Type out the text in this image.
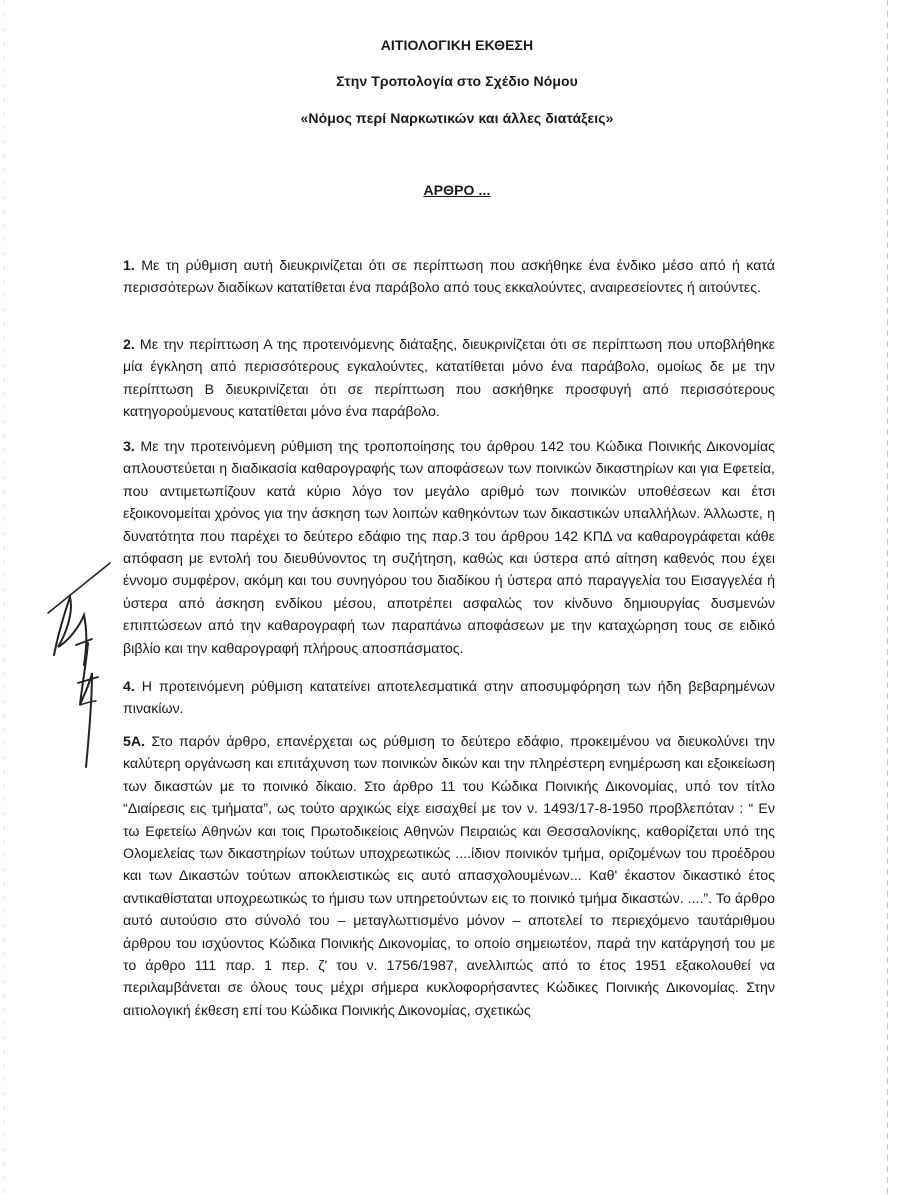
ΑΙΤΙΟΛΟΓΙΚΗ ΕΚΘΕΣΗ
Στην Τροπολογία στο Σχέδιο Νόμου
«Νόμος περί Ναρκωτικών και άλλες διατάξεις»
ΑΡΘΡΟ ...

1. Με τη ρύθμιση αυτή διευκρινίζεται ότι σε περίπτωση που ασκήθηκε ένα ένδικο μέσο από ή κατά περισσότερων διαδίκων κατατίθεται ένα παράβολο από τους εκκαλούντες, αναιρεσείοντες ή αιτούντες.

2. Με την περίπτωση Α της προτεινόμενης διάταξης, διευκρινίζεται ότι σε περίπτωση που υποβλήθηκε μία έγκληση από περισσότερους εγκαλούντες, κατατίθεται μόνο ένα παράβολο, ομοίως δε με την περίπτωση Β διευκρινίζεται ότι σε περίπτωση που ασκήθηκε προσφυγή από περισσότερους κατηγορούμενους κατατίθεται μόνο ένα παράβολο.

3. Με την προτεινόμενη ρύθμιση της τροποποίησης του άρθρου 142 του Κώδικα Ποινικής Δικονομίας απλουστεύεται η διαδικασία καθαρογραφής των αποφάσεων των ποινικών δικαστηρίων και για Εφετεία, που αντιμετωπίζουν κατά κύριο λόγο τον μεγάλο αριθμό των ποινικών υποθέσεων και έτσι εξοικονομείται χρόνος για την άσκηση των λοιπών καθηκόντων των δικαστικών υπαλλήλων. Άλλωστε, η δυνατότητα που παρέχει το δεύτερο εδάφιο της παρ.3 του άρθρου 142 ΚΠΔ να καθαρογράφεται κάθε απόφαση με εντολή του διευθύνοντος τη συζήτηση, καθώς και ύστερα από αίτηση καθενός που έχει έννομο συμφέρον, ακόμη και του συνηγόρου του διαδίκου ή ύστερα από παραγγελία του Εισαγγελέα ή ύστερα από άσκηση ενδίκου μέσου, αποτρέπει ασφαλώς τον κίνδυνο δημιουργίας δυσμενών επιπτώσεων από την καθαρογραφή των παραπάνω αποφάσεων με την καταχώρηση τους σε ειδικό βιβλίο και την καθαρογραφή πλήρους αποσπάσματος.

4. Η προτεινόμενη ρύθμιση κατατείνει αποτελεσματικά στην αποσυμφόρηση των ήδη βεβαρημένων πινακίων.

5Α. Στο παρόν άρθρο, επανέρχεται ως ρύθμιση το δεύτερο εδάφιο, προκειμένου να διευκολύνει την καλύτερη οργάνωση και επιτάχυνση των ποινικών δικών και την πληρέστερη ενημέρωση και εξοικείωση των δικαστών με το ποινικό δίκαιο. Στο άρθρο 11 του Κώδικα Ποινικής Δικονομίας, υπό τον τίτλο “Διαίρεσις εις τμήματα”, ως τούτο αρχικώς είχε εισαχθεί με τον ν. 1493/17-8-1950 προβλεπόταν : “ Εν τω Εφετείω Αθηνών και τοις Πρωτοδικείοις Αθηνών Πειραιώς και Θεσσαλονίκης, καθορίζεται υπό της Ολομελείας των δικαστηρίων τούτων υποχρεωτικώς ....ίδιον ποινικόν τμήμα, οριζομένων του προέδρου και των Δικαστών τούτων αποκλειστικώς εις αυτό απασχολουμένων... Καθ' έκαστον δικαστικό έτος αντικαθίσταται υποχρεωτικώς το ήμισυ των υπηρετούντων εις το ποινικό τμήμα δικαστών. ....”. Το άρθρο αυτό αυτούσιο στο σύνολό του – μεταγλωττισμένο μόνον – αποτελεί το περιεχόμενο ταυτάριθμου άρθρου του ισχύοντος Κώδικα Ποινικής Δικονομίας, το οποίο σημειωτέον, παρά την κατάργησή του με το άρθρο 111 παρ. 1 περ. ζ' του ν. 1756/1987, ανελλιπώς από το έτος 1951 εξακολουθεί να περιλαμβάνεται σε όλους τους μέχρι σήμερα κυκλοφορήσαντες Κώδικες Ποινικής Δικονομίας. Στην αιτιολογική έκθεση επί του Κώδικα Ποινικής Δικονομίας, σχετικώς
